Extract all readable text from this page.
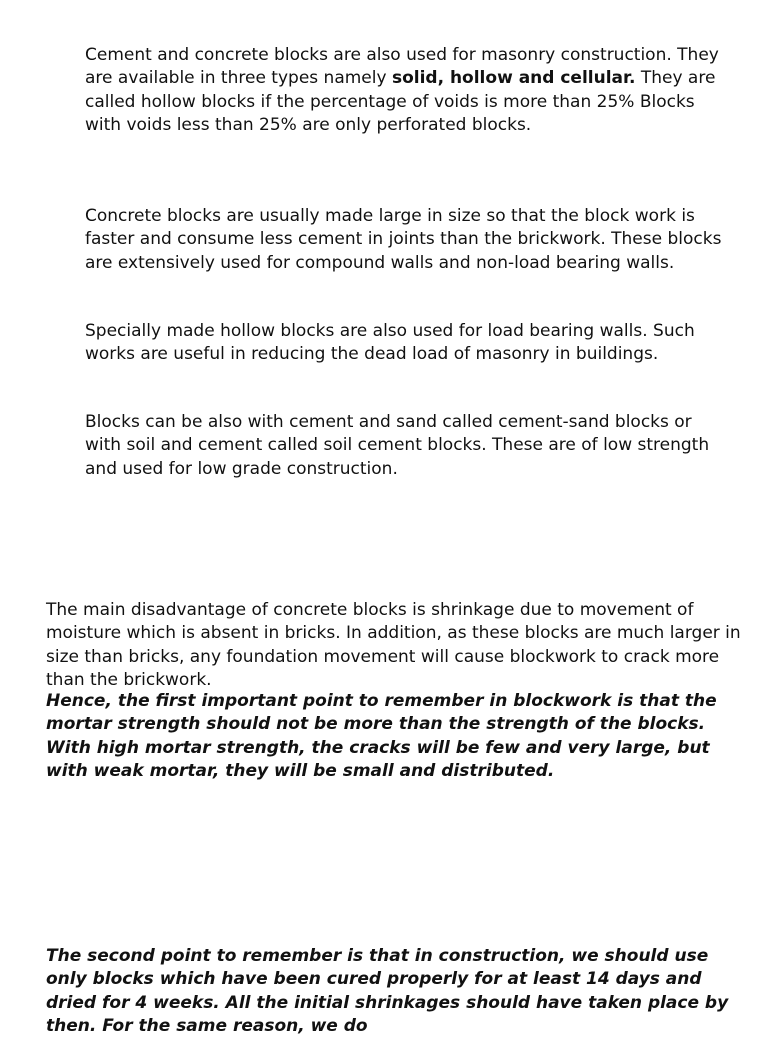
Cement and concrete blocks are also used for masonry construction. They are available in three types namely solid, hollow and cellular. They are called hollow blocks if the percentage of voids is more than 25% Blocks with voids less than 25% are only perforated blocks.

Concrete blocks are usually made large in size so that the block work is faster and consume less cement in joints than the brickwork. These blocks are extensively used for compound walls and non-load bearing walls.

Specially made hollow blocks are also used for load bearing walls. Such works are useful in reducing the dead load of masonry in buildings.

Blocks can be also with cement and sand called cement-sand blocks or with soil and cement called soil cement blocks. These are of low strength and used for low grade construction.

The main disadvantage of concrete blocks is shrinkage due to movement of moisture which is absent in bricks. In addition, as these blocks are much larger in size than bricks, any foundation movement will cause blockwork to crack more than the brickwork.

Hence, the first important point to remember in blockwork is that the mortar strength should not be more than the strength of the blocks. With high mortar strength, the cracks will be few and very large, but with weak mortar, they will be small and distributed.

The second point to remember is that in construction, we should use only blocks which have been cured properly for at least 14 days and dried for 4 weeks. All the initial shrinkages should have taken place by then. For the same reason, we do
